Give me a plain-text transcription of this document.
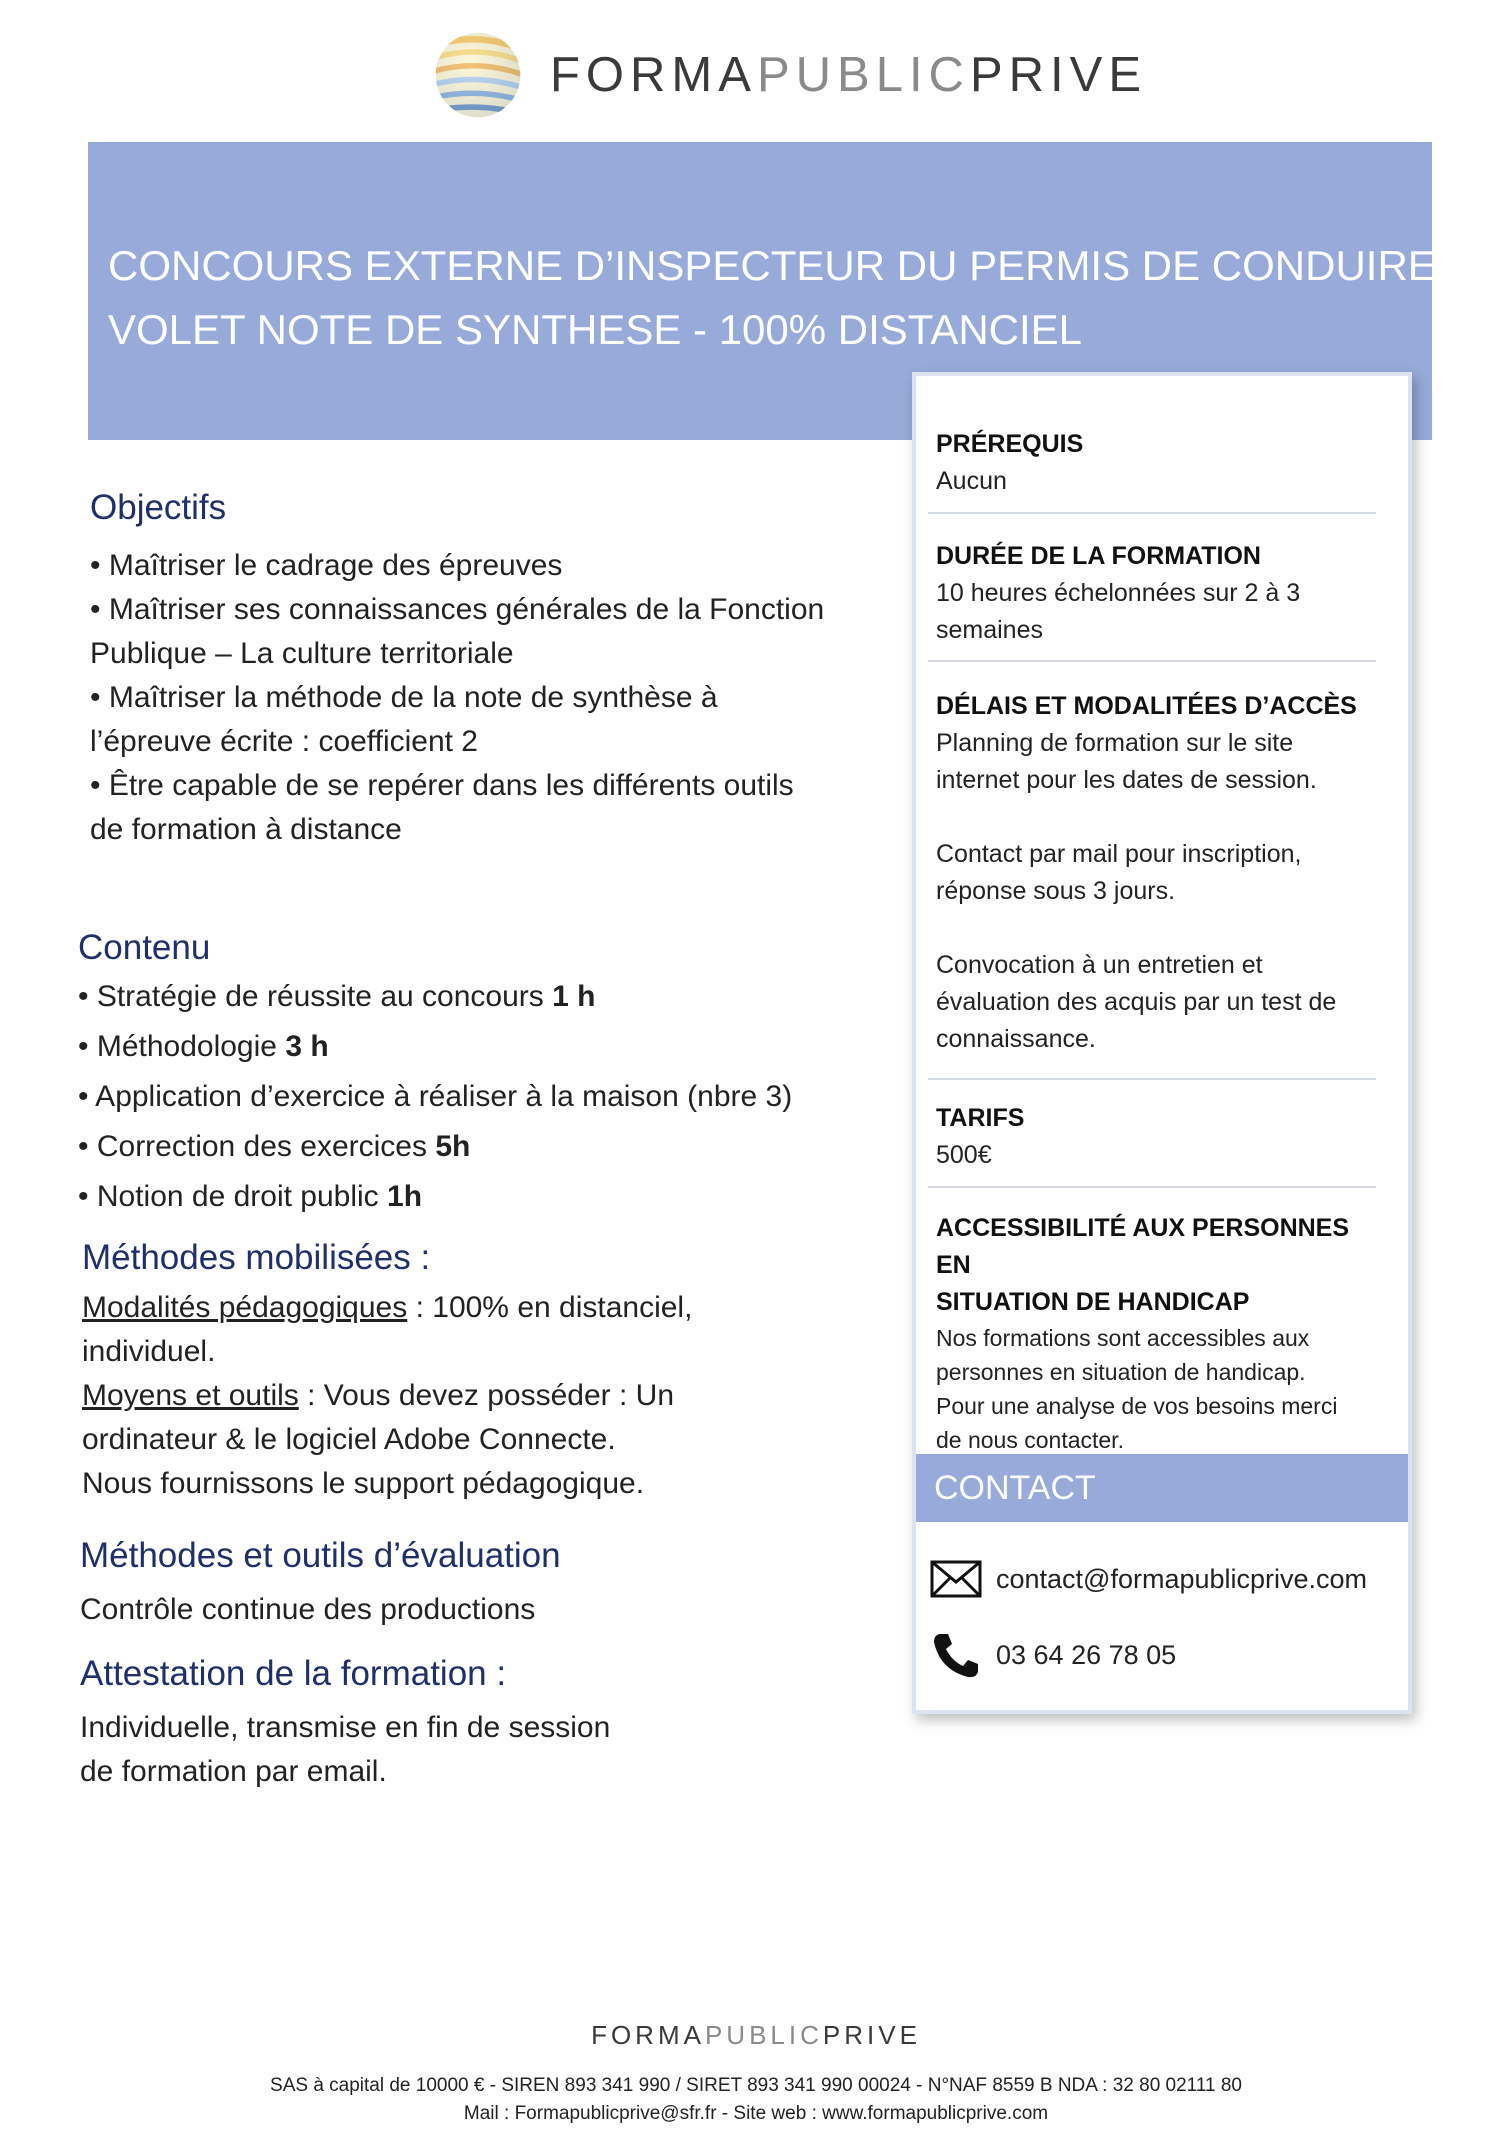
FORMAPUBLICPRIVE
CONCOURS EXTERNE D’INSPECTEUR DU PERMIS DE CONDUIRE
VOLET NOTE DE SYNTHESE - 100% DISTANCIEL
PRÉREQUIS
Aucun
DURÉE DE LA FORMATION
10 heures échelonnées sur 2 à 3
semaines
DÉLAIS ET MODALITÉES D’ACCÈS
Planning de formation sur le site
internet pour les dates de session.
Contact par mail pour inscription,
réponse sous 3 jours.
Convocation à un entretien et
évaluation des acquis par un test de
connaissance.
TARIFS
500€
ACCESSIBILITÉ AUX PERSONNES EN
SITUATION DE HANDICAP
Nos formations sont accessibles aux
personnes en situation de handicap.
Pour une analyse de vos besoins merci
de nous contacter.
CONTACT
contact@formapublicprive.com
03 64 26 78 05
Objectifs

• Maîtriser le cadrage des épreuves

• Maîtriser ses connaissances générales de la Fonction

Publique – La culture territoriale

• Maîtriser la méthode de la note de synthèse à

l’épreuve écrite : coefficient 2

• Être capable de se repérer dans les différents outils

de formation à distance

Contenu
• Stratégie de réussite au concours 1 h
• Méthodologie 3 h
• Application d’exercice à réaliser à la maison (nbre 3)
• Correction des exercices 5h
• Notion de droit public 1h
Méthodes mobilisées :

Modalités pédagogiques : 100% en distanciel,

individuel.

Moyens et outils : Vous devez posséder : Un

ordinateur & le logiciel Adobe Connecte.

Nous fournissons le support pédagogique.

Méthodes et outils d’évaluation
Contrôle continue des productions
Attestation de la formation :

Individuelle, transmise en fin de session

de formation par email.

FORMAPUBLICPRIVE
SAS à capital de 10000 € - SIREN 893 341 990 / SIRET 893 341 990 00024 - N°NAF 8559 B NDA : 32 80 02111 80
Mail : Formapublicprive@sfr.fr - Site web : www.formapublicprive.com
